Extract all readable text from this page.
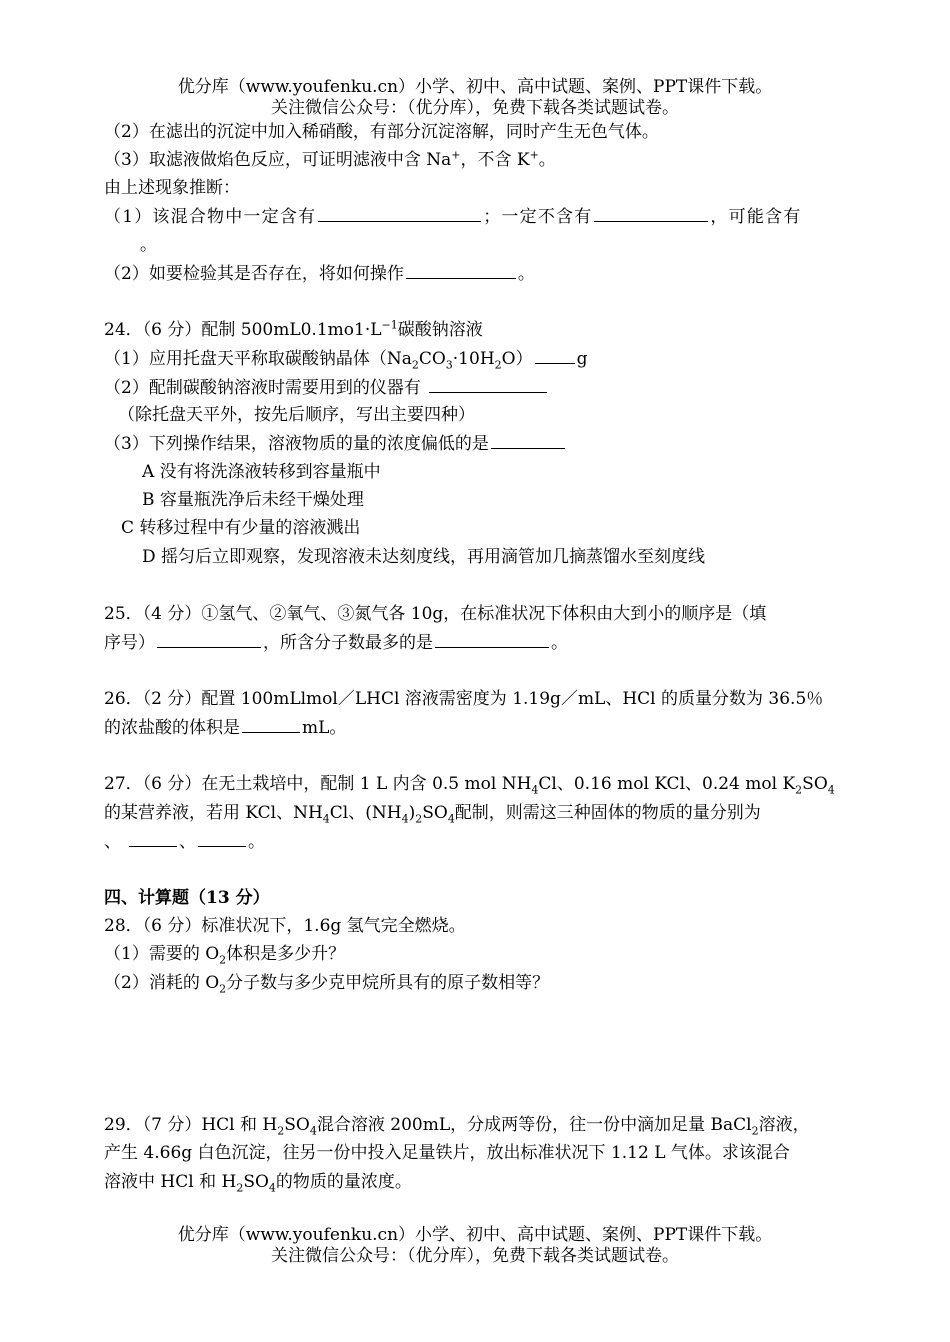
优分库（www.youfenku.cn）小学、初中、高中试题、案例、PPT课件下载。
关注微信公众号：（优分库），免费下载各类试题试卷。
（2）在滤出的沉淀中加入稀硝酸，有部分沉淀溶解，同时产生无色气体。
（3）取滤液做焰色反应，可证明滤液中含 Na+，不含 K+。
由上述现象推断：
（1）该混合物中一定含有	；一定不含有	，可能含有
。
（2）如要检验其是否存在，将如何操作	。
24．（6 分）配制 $500mL0.1mo1\cdot L^{-1}$碳酸钠溶液
（1）应用托盘天平称取碳酸钠晶体$(Na_2CO_3\cdot 10H_2O)$	g
（2）配制碳酸钠溶液时需要用到的仪器有
（除托盘天平外，按先后顺序，写出主要四种）
（3）下列操作结果，溶液物质的量的浓度偏低的是
A 没有将洗涤液转移到容量瓶中
B 容量瓶洗净后未经干燥处理
C 转移过程中有少量的溶液溅出
D 摇匀后立即观察，发现溶液未达刻度线，再用滴管加几摘蒸馏水至刻度线
25．（4 分）①氢气、②氧气、③氮气各 10g，在标准状况下体积由大到小的顺序是（填
序号）	，所含分子数最多的是	。
26．（2 分）配置 100mLlmol／LHCl 溶液需密度为 1.19g／mL、HCl 的质量分数为 36.5％
的浓盐酸的体积是	mL。
27．（6 分）在无土栽培中，配制 1 L 内含 0.5 mol $NH_4Cl$、0.16 mol KCl、0.24 mol $K_2SO_4$
的某营养液，若用 KCl、$NH_4Cl$、$(NH_4)_2SO_4$配制，则需这三种固体的物质的量分别为
、	、	。
四、计算题（13 分）
28．（6 分）标准状况下，1.6g 氢气完全燃烧。
（1）需要的 $O_2$体积是多少升？
（2）消耗的 $O_2$分子数与多少克甲烷所具有的原子数相等？
29．（7 分）HCl 和 $H_2SO_4$混合溶液 200mL，分成两等份，往一份中滴加足量 BaCl$_2$溶液，
产生 4.66g 白色沉淀，往另一份中投入足量铁片，放出标准状况下 1.12 L 气体。求该混合
溶液中 HCl 和 $H_2SO_4$的物质的量浓度。
优分库（www.youfenku.cn）小学、初中、高中试题、案例、PPT课件下载。
关注微信公众号：（优分库），免费下载各类试题试卷。
